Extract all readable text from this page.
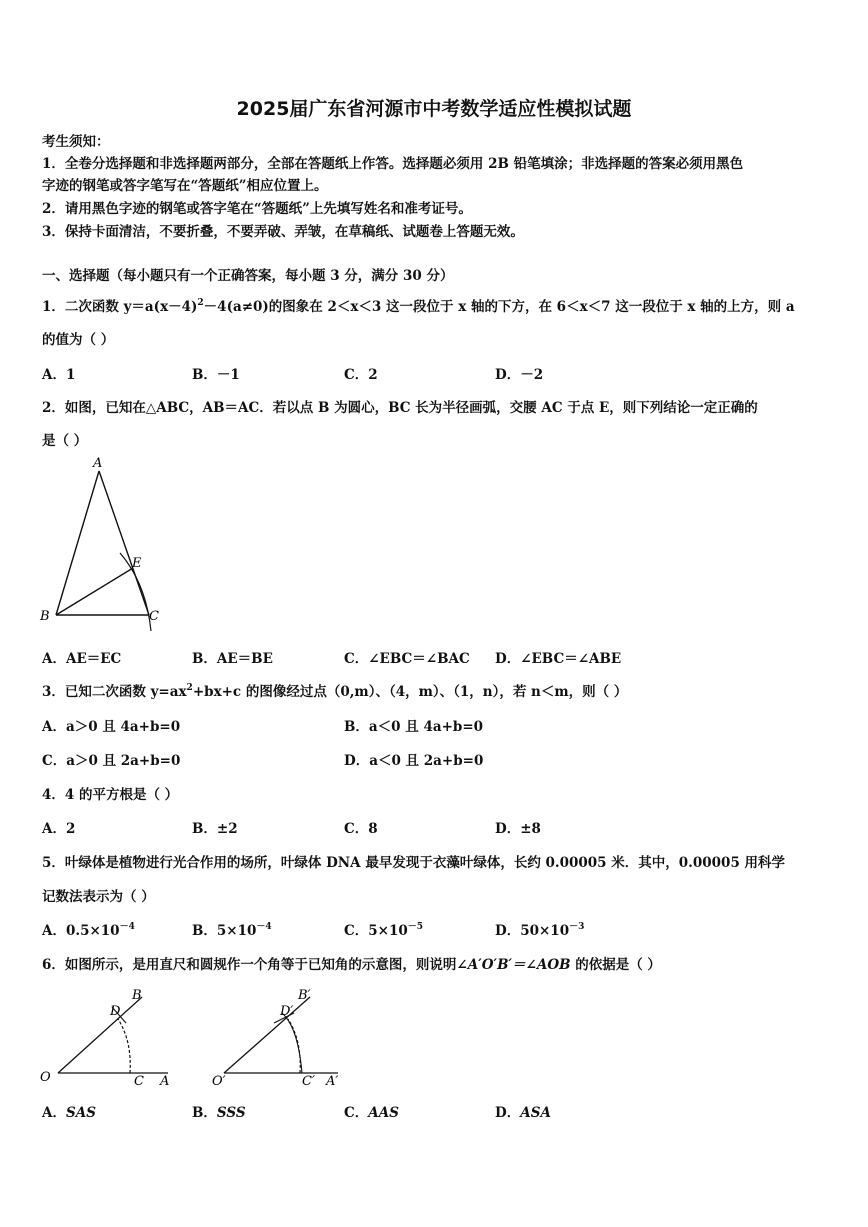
2025届广东省河源市中考数学适应性模拟试题
考生须知：
1．全卷分选择题和非选择题两部分，全部在答题纸上作答。选择题必须用 2B 铅笔填涂；非选择题的答案必须用黑色
字迹的钢笔或答字笔写在“答题纸”相应位置上。
2．请用黑色字迹的钢笔或答字笔在“答题纸”上先填写姓名和准考证号。
3．保持卡面清洁，不要折叠，不要弄破、弄皱，在草稿纸、试题卷上答题无效。
一、选择题（每小题只有一个正确答案，每小题 3 分，满分 30 分）
1．二次函数 $y=a(x-4)^2-4(a\ne 0)$的图象在 2＜x＜3 这一段位于 x 轴的下方，在 6＜x＜7 这一段位于 x 轴的上方，则 a
的值为（ ）
A．1	B．－1	C．2	D．－2
2．如图，已知在△ABC，AB＝AC．若以点 B 为圆心，BC 长为半径画弧，交腰 AC 于点 E，则下列结论一定正确的
是（ ）
A
B	C
E
A．AE＝EC	B．AE＝BE	C．∠EBC＝∠BAC D．∠EBC＝∠ABE
3．已知二次函数 $y=ax^2+bx+c$ 的图像经过点（0,m）、（4，m）、（1，n），若 n＜m，则（ ）
A．a＞0 且 4a+b=0	B．a＜0 且 4a+b=0
C．a＞0 且 2a+b=0	D．a＜0 且 2a+b=0
4．4 的平方根是（ ）
A．2	B．±2	C．8	D．±8
5．叶绿体是植物进行光合作用的场所，叶绿体 DNA 最早发现于衣藻叶绿体，长约 0.00005 米．其中，0.00005 用科学
记数法表示为（ ）
A．$0.5\times 10^{-4}$	B．$5\times 10^{-4}$	C．$5\times 10^{-5}$	D．$50\times 10^{-3}$
6．如图所示，是用直尺和圆规作一个角等于已知角的示意图，则说明∠A′O′B′＝∠AOB 的依据是（ ）
O	C A
D
B
O′	C′ A′
D′
B′
A．SAS	B．SSS	C．AAS	D．ASA
